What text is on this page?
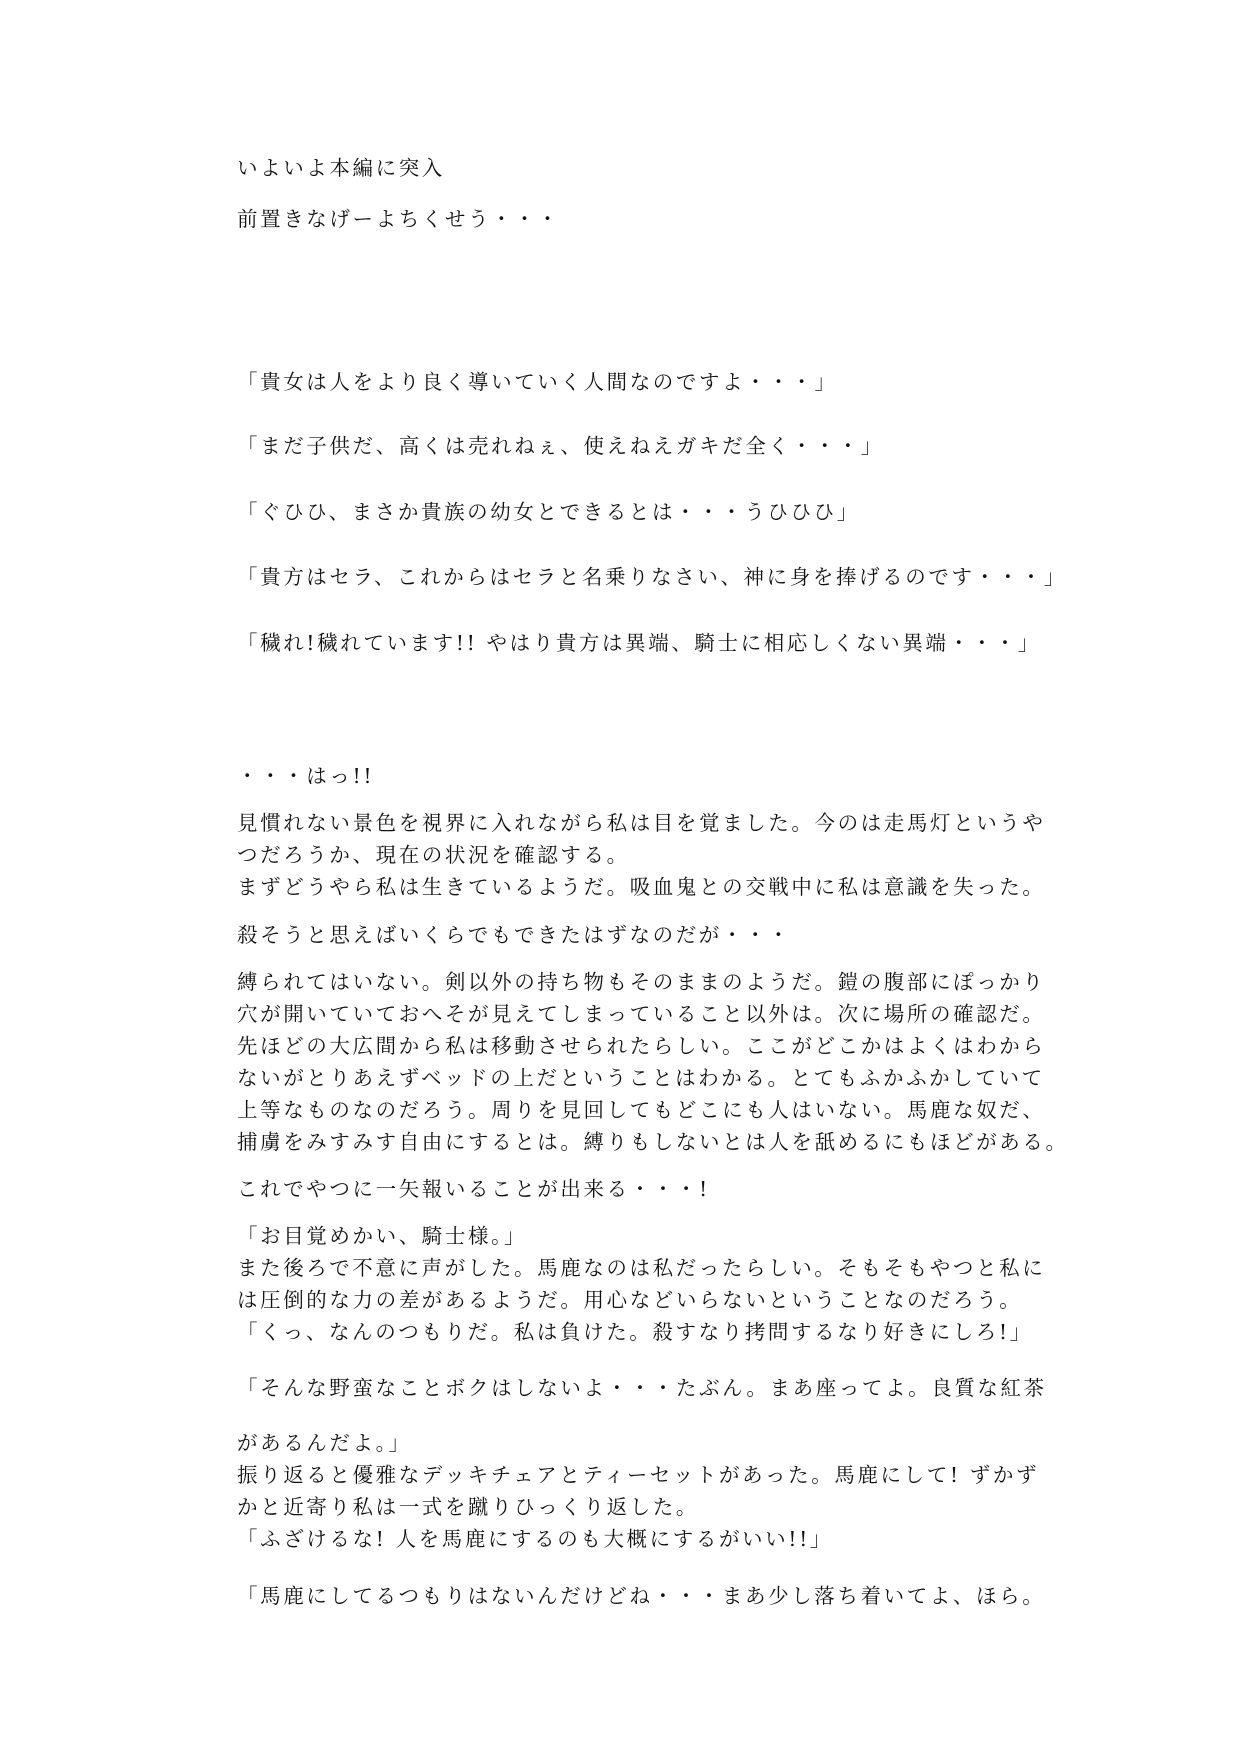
いよいよ本編に突入
前置きなげーよちくせう・・・
「貴女は人をより良く導いていく人間なのですよ・・・」
「まだ子供だ、高くは売れねぇ、使えねえガキだ全く・・・」
「ぐひひ、まさか貴族の幼女とできるとは・・・うひひひ」
「貴方はセラ、これからはセラと名乗りなさい、神に身を捧げるのです・・・」
「穢れ!穢れています!! やはり貴方は異端、騎士に相応しくない異端・・・」
・・・はっ!!
見慣れない景色を視界に入れながら私は目を覚ました。今のは走馬灯というや
つだろうか、現在の状況を確認する。
まずどうやら私は生きているようだ。吸血鬼との交戦中に私は意識を失った。
殺そうと思えばいくらでもできたはずなのだが・・・
縛られてはいない。剣以外の持ち物もそのままのようだ。鎧の腹部にぽっかり
穴が開いていておへそが見えてしまっていること以外は。次に場所の確認だ。
先ほどの大広間から私は移動させられたらしい。ここがどこかはよくはわから
ないがとりあえずベッドの上だということはわかる。とてもふかふかしていて
上等なものなのだろう。周りを見回してもどこにも人はいない。馬鹿な奴だ、
捕虜をみすみす自由にするとは。縛りもしないとは人を舐めるにもほどがある。
これでやつに一矢報いることが出来る・・・!
「お目覚めかい、騎士様。」
また後ろで不意に声がした。馬鹿なのは私だったらしい。そもそもやつと私に
は圧倒的な力の差があるようだ。用心などいらないということなのだろう。
「くっ、なんのつもりだ。私は負けた。殺すなり拷問するなり好きにしろ!」
「そんな野蛮なことボクはしないよ・・・たぶん。まあ座ってよ。良質な紅茶
があるんだよ。」
振り返ると優雅なデッキチェアとティーセットがあった。馬鹿にして! ずかず
かと近寄り私は一式を蹴りひっくり返した。
「ふざけるな! 人を馬鹿にするのも大概にするがいい!!」
「馬鹿にしてるつもりはないんだけどね・・・まあ少し落ち着いてよ、ほら。
